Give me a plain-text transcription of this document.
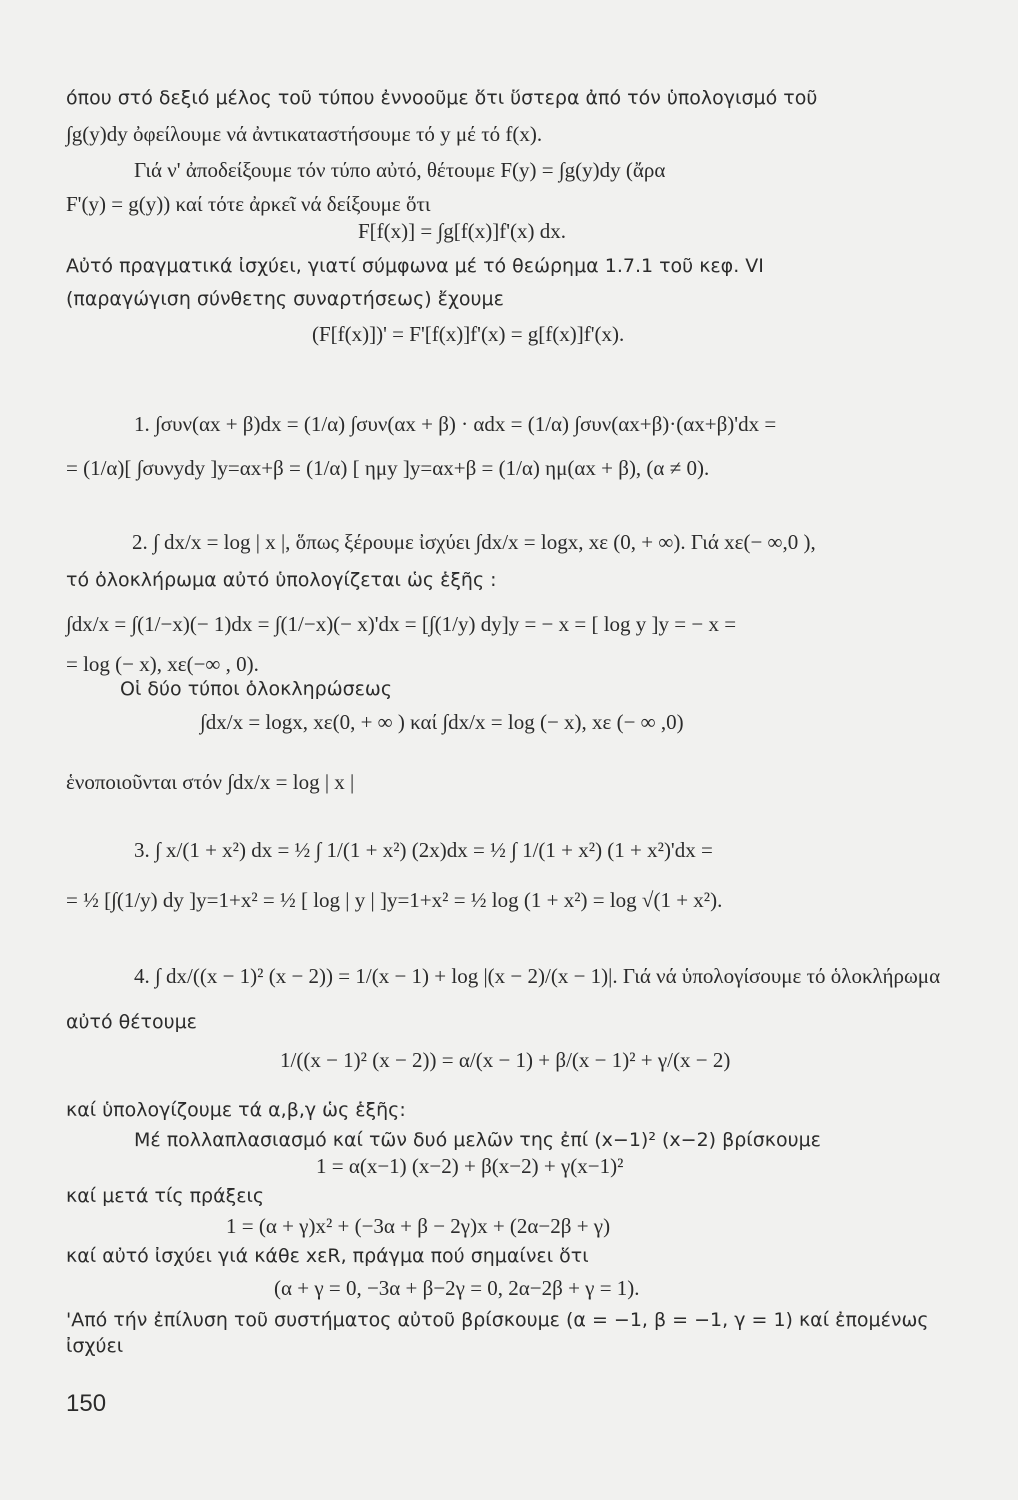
όπου στό δεξιό μέλος τοῦ τύπου ἐννοοῦμε ὅτι ὕστερα ἀπό τόν ὑπολογισμό τοῦ
∫g(y)dy ὀφείλουμε νά ἀντικαταστήσουμε τό y μέ τό f(x).
Γιά ν' ἀποδείξουμε τόν τύπο αὐτό, θέτουμε F(y) = ∫g(y)dy (ἄρα
F'(y) = g(y)) καί τότε ἀρκεῖ νά δείξουμε ὅτι
F[f(x)] = ∫g[f(x)]f'(x) dx.
Αὐτό πραγματικά ἰσχύει, γιατί σύμφωνα μέ τό θεώρημα 1.7.1 τοῦ κεφ. VI
(παραγώγιση σύνθετης συναρτήσεως) ἔχουμε
(F[f(x)])' = F'[f(x)]f'(x) = g[f(x)]f'(x).
1. ∫συν(αx + β)dx = (1/α) ∫συν(αx + β) · αdx = (1/α) ∫συν(αx+β)·(αx+β)'dx =
= (1/α)[ ∫συνydy ]y=αx+β = (1/α) [ ημy ]y=αx+β = (1/α) ημ(αx + β), (α ≠ 0).
2. ∫ dx/x = log | x |, ὅπως ξέρουμε ἰσχύει ∫dx/x = logx, xε (0, + ∞). Γιά xε(− ∞,0 ),
τό ὁλοκλήρωμα αὐτό ὑπολογίζεται ὡς ἑξῆς :
∫dx/x = ∫(1/−x)(− 1)dx = ∫(1/−x)(− x)'dx = [∫(1/y) dy]y = − x = [ log y ]y = − x =
= log (− x), xε(−∞ , 0).
Οἱ δύο τύποι ὁλοκληρώσεως
∫dx/x = logx, xε(0, + ∞ ) καί ∫dx/x = log (− x), xε (− ∞ ,0)
ἑνοποιοῦνται στόν ∫dx/x = log | x |
3. ∫ x/(1 + x²) dx = ½ ∫ 1/(1 + x²) (2x)dx = ½ ∫ 1/(1 + x²) (1 + x²)'dx =
= ½ [∫(1/y) dy ]y=1+x² = ½ [ log | y | ]y=1+x² = ½ log (1 + x²) = log √(1 + x²).
4. ∫ dx/((x − 1)² (x − 2)) = 1/(x − 1) + log |(x − 2)/(x − 1)|. Γιά νά ὑπολογίσουμε τό ὁλοκλήρωμα
αὐτό θέτουμε
1/((x − 1)² (x − 2)) = α/(x − 1) + β/(x − 1)² + γ/(x − 2)
καί ὑπολογίζουμε τά α,β,γ ὡς ἑξῆς:
Μέ πολλαπλασιασμό καί τῶν δυό μελῶν της ἐπί (x−1)² (x−2) βρίσκουμε
1 = α(x−1) (x−2) + β(x−2) + γ(x−1)²
καί μετά τίς πράξεις
1 = (α + γ)x² + (−3α + β − 2γ)x + (2α−2β + γ)
καί αὐτό ἰσχύει γιά κάθε xεR, πράγμα πού σημαίνει ὅτι
(α + γ = 0, −3α + β−2γ = 0, 2α−2β + γ = 1).
'Από τήν ἐπίλυση τοῦ συστήματος αὐτοῦ βρίσκουμε (α = −1, β = −1, γ = 1) καί ἐπομένως
ἰσχύει
150
